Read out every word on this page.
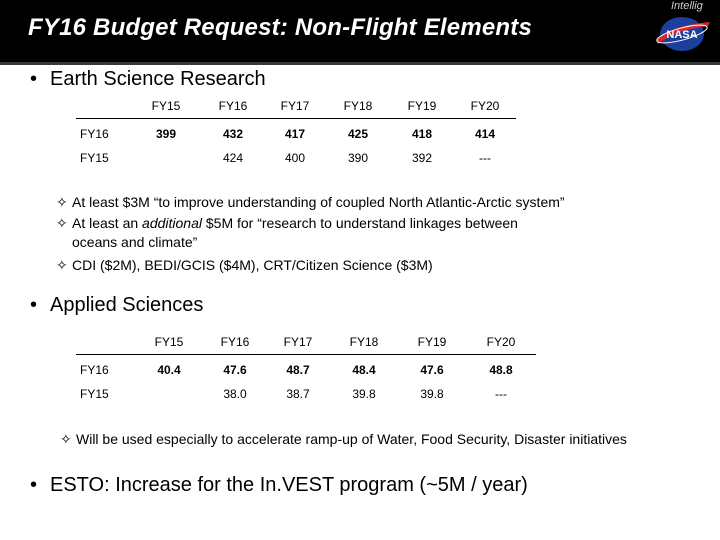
FY16 Budget Request: Non-Flight Elements
Intellig
NASA
• Earth Science Research
	FY15	FY16	FY17	FY18	FY19	FY20
FY16	399	432	417	425	418	414
FY15		424	400	390	392	---
✧ At least $3M “to improve understanding of coupled North Atlantic-Arctic system”
✧ At least an additional $5M for “research to understand linkages between
oceans and climate”
✧ CDI ($2M), BEDI/GCIS ($4M), CRT/Citizen Science ($3M)
• Applied Sciences
	FY15	FY16	FY17	FY18	FY19	FY20
FY16	40.4	47.6	48.7	48.4	47.6	48.8
FY15		38.0	38.7	39.8	39.8	---
✧ Will be used especially to accelerate ramp-up of Water, Food Security, Disaster initiatives
• ESTO: Increase for the In.VEST program (~5M / year)
